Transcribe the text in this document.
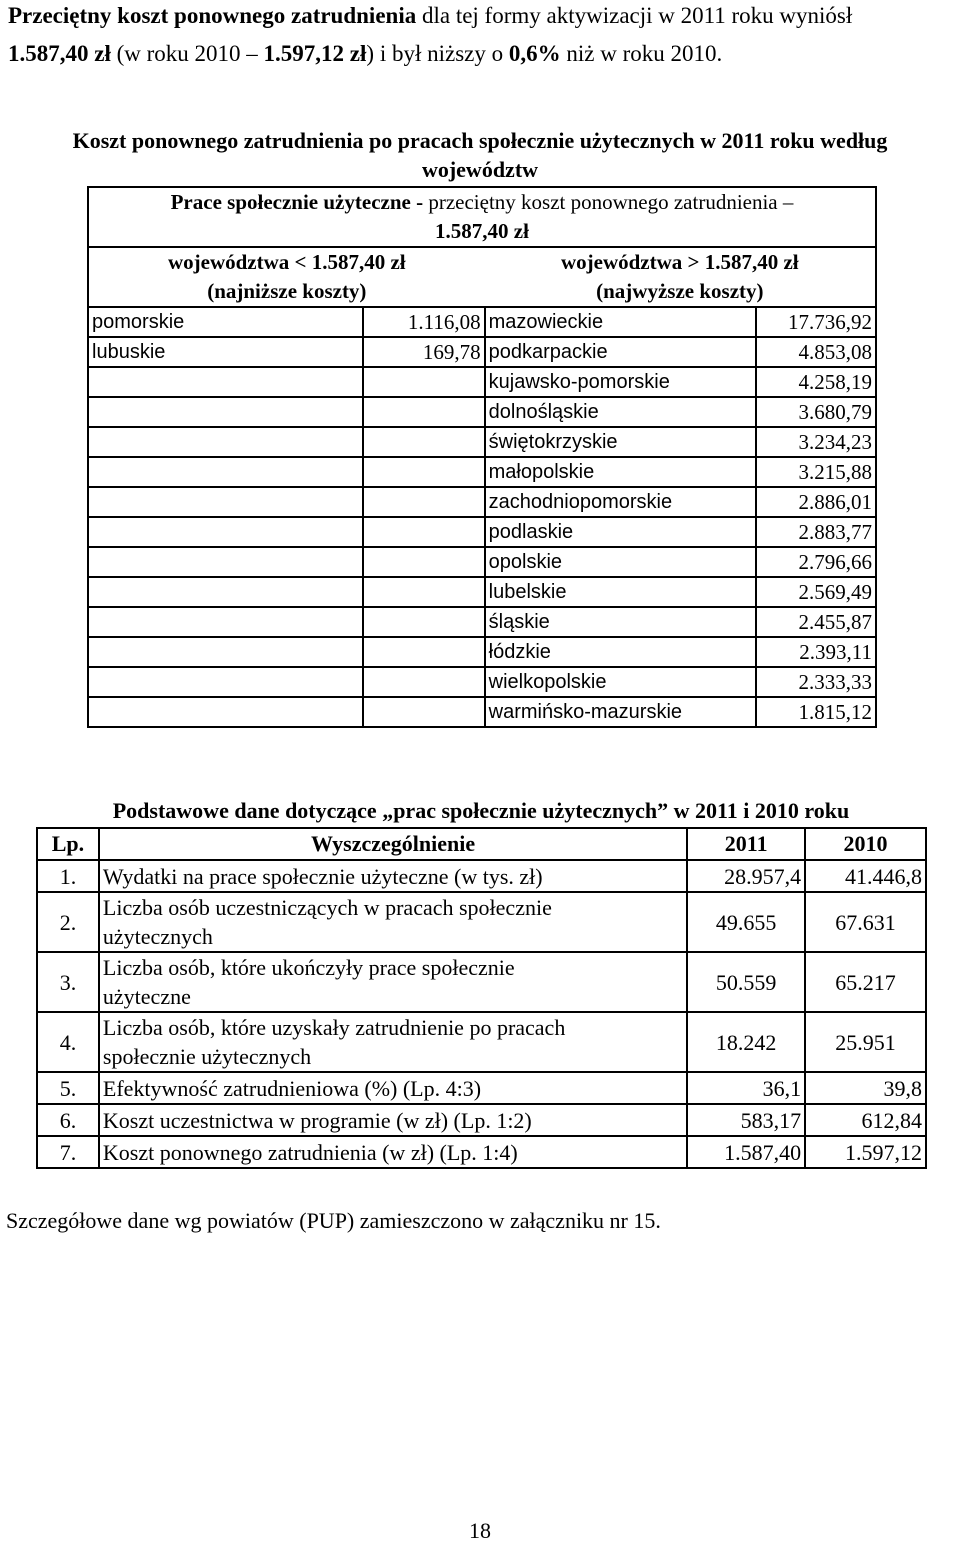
Przeciętny koszt ponownego zatrudnienia dla tej formy aktywizacji w 2011 roku wyniósł
1.587,40 zł (w roku 2010 – 1.597,12 zł) i był niższy o 0,6% niż w roku 2010.
Koszt ponownego zatrudnienia po pracach społecznie użytecznych w 2011 roku według
województw
Prace społecznie użyteczne - przeciętny koszt ponownego zatrudnienia –
1.587,40 zł			
województwa < 1.587,40 zł
(najniższe koszty)		województwa > 1.587,40 zł
(najwyższe koszty)	
pomorskie	1.116,08	mazowieckie	17.736,92
lubuskie	169,78	podkarpackie	4.853,08
		kujawsko-pomorskie	4.258,19
		dolnośląskie	3.680,79
		świętokrzyskie	3.234,23
		małopolskie	3.215,88
		zachodniopomorskie	2.886,01
		podlaskie	2.883,77
		opolskie	2.796,66
		lubelskie	2.569,49
		śląskie	2.455,87
		łódzkie	2.393,11
		wielkopolskie	2.333,33
		warmińsko-mazurskie	1.815,12
Podstawowe dane dotyczące „prac społecznie użytecznych” w 2011 i 2010 roku
Lp.	Wyszczególnienie	2011	2010
1.	Wydatki na prace społecznie użyteczne (w tys. zł)	28.957,4	41.446,8
2.	Liczba osób uczestniczących w pracach społecznie
użytecznych	49.655	67.631
3.	Liczba osób, które ukończyły prace społecznie
użyteczne	50.559	65.217
4.	Liczba osób, które uzyskały zatrudnienie po pracach
społecznie użytecznych	18.242	25.951
5.	Efektywność zatrudnieniowa (%) (Lp. 4:3)	36,1	39,8
6.	Koszt uczestnictwa w programie (w zł) (Lp. 1:2)	583,17	612,84
7.	Koszt ponownego zatrudnienia (w zł) (Lp. 1:4)	1.587,40	1.597,12
Szczegółowe dane wg powiatów (PUP) zamieszczono w załączniku nr 15.
18
